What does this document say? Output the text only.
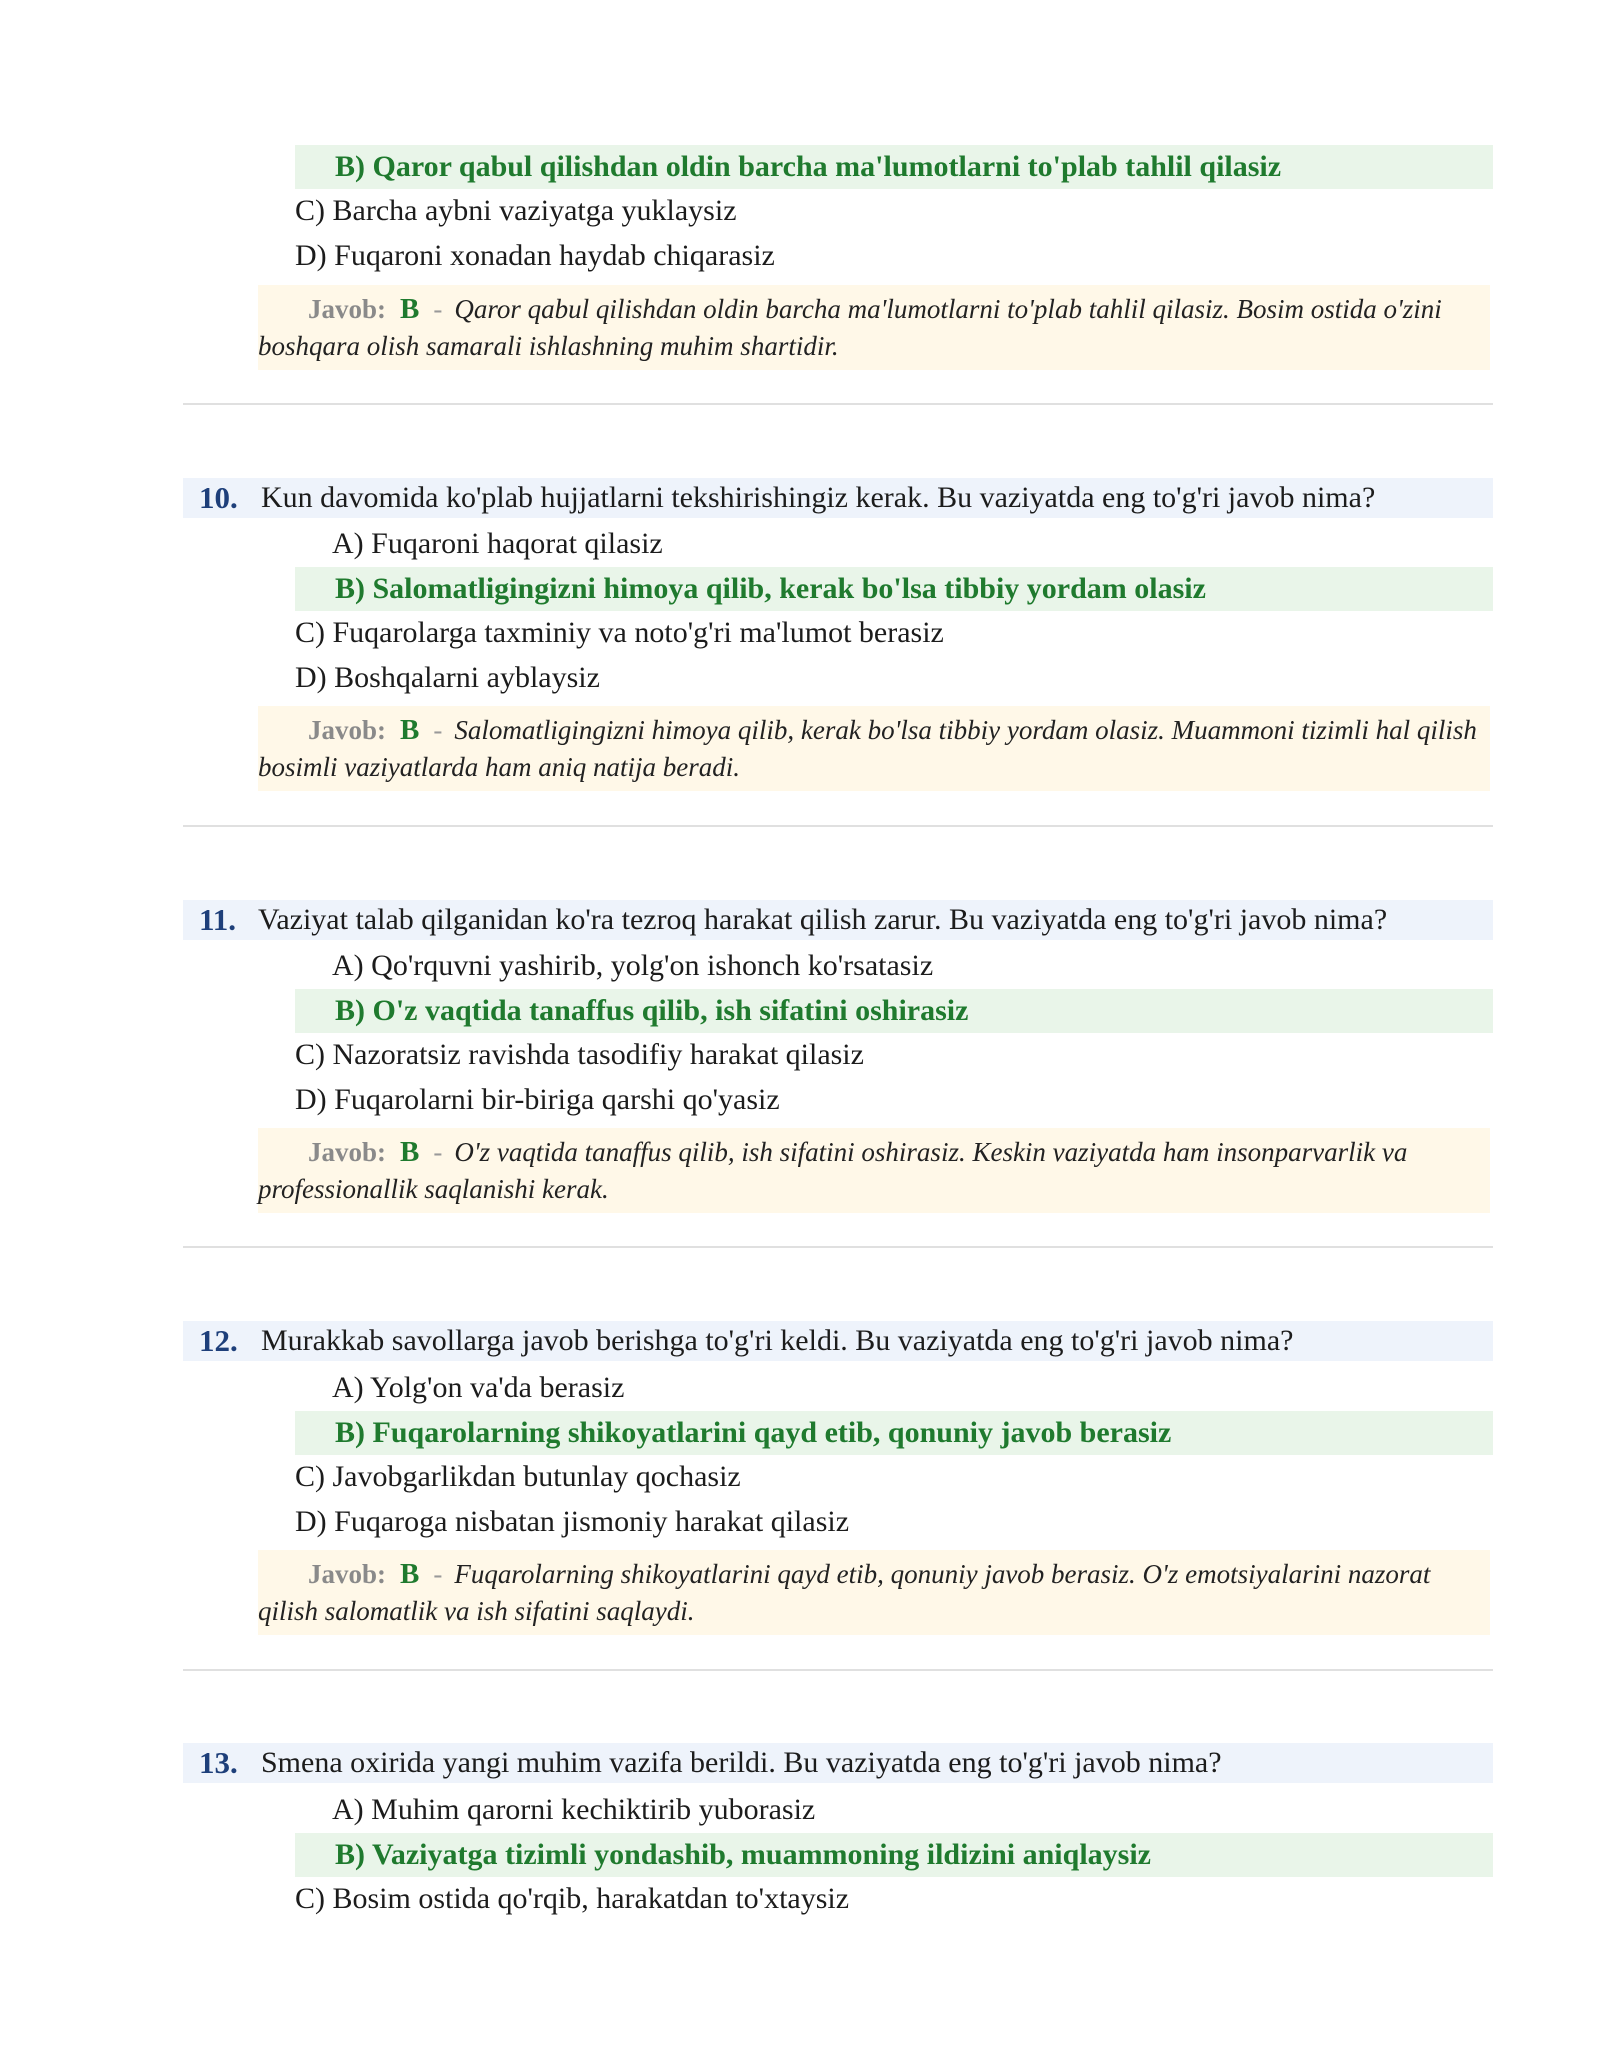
B) Qaror qabul qilishdan oldin barcha ma'lumotlarni to'plab tahlil qilasiz
C) Barcha aybni vaziyatga yuklaysiz
D) Fuqaroni xonadan haydab chiqarasiz
Javob: B - Qaror qabul qilishdan oldin barcha ma'lumotlarni to'plab tahlil qilasiz. Bosim ostida o'zini boshqara olish samarali ishlashning muhim shartidir.
10. Kun davomida ko'plab hujjatlarni tekshirishingiz kerak. Bu vaziyatda eng to'g'ri javob nima?
A) Fuqaroni haqorat qilasiz
B) Salomatligingizni himoya qilib, kerak bo'lsa tibbiy yordam olasiz
C) Fuqarolarga taxminiy va noto'g'ri ma'lumot berasiz
D) Boshqalarni ayblaysiz
Javob: B - Salomatligingizni himoya qilib, kerak bo'lsa tibbiy yordam olasiz. Muammoni tizimli hal qilish bosimli vaziyatlarda ham aniq natija beradi.
11. Vaziyat talab qilganidan ko'ra tezroq harakat qilish zarur. Bu vaziyatda eng to'g'ri javob nima?
A) Qo'rquvni yashirib, yolg'on ishonch ko'rsatasiz
B) O'z vaqtida tanaffus qilib, ish sifatini oshirasiz
C) Nazoratsiz ravishda tasodifiy harakat qilasiz
D) Fuqarolarni bir-biriga qarshi qo'yasiz
Javob: B - O'z vaqtida tanaffus qilib, ish sifatini oshirasiz. Keskin vaziyatda ham insonparvarlik va professionallik saqlanishi kerak.
12. Murakkab savollarga javob berishga to'g'ri keldi. Bu vaziyatda eng to'g'ri javob nima?
A) Yolg'on va'da berasiz
B) Fuqarolarning shikoyatlarini qayd etib, qonuniy javob berasiz
C) Javobgarlikdan butunlay qochasiz
D) Fuqaroga nisbatan jismoniy harakat qilasiz
Javob: B - Fuqarolarning shikoyatlarini qayd etib, qonuniy javob berasiz. O'z emotsiyalarini nazorat qilish salomatlik va ish sifatini saqlaydi.
13. Smena oxirida yangi muhim vazifa berildi. Bu vaziyatda eng to'g'ri javob nima?
A) Muhim qarorni kechiktirib yuborasiz
B) Vaziyatga tizimli yondashib, muammoning ildizini aniqlaysiz
C) Bosim ostida qo'rqib, harakatdan to'xtaysiz
